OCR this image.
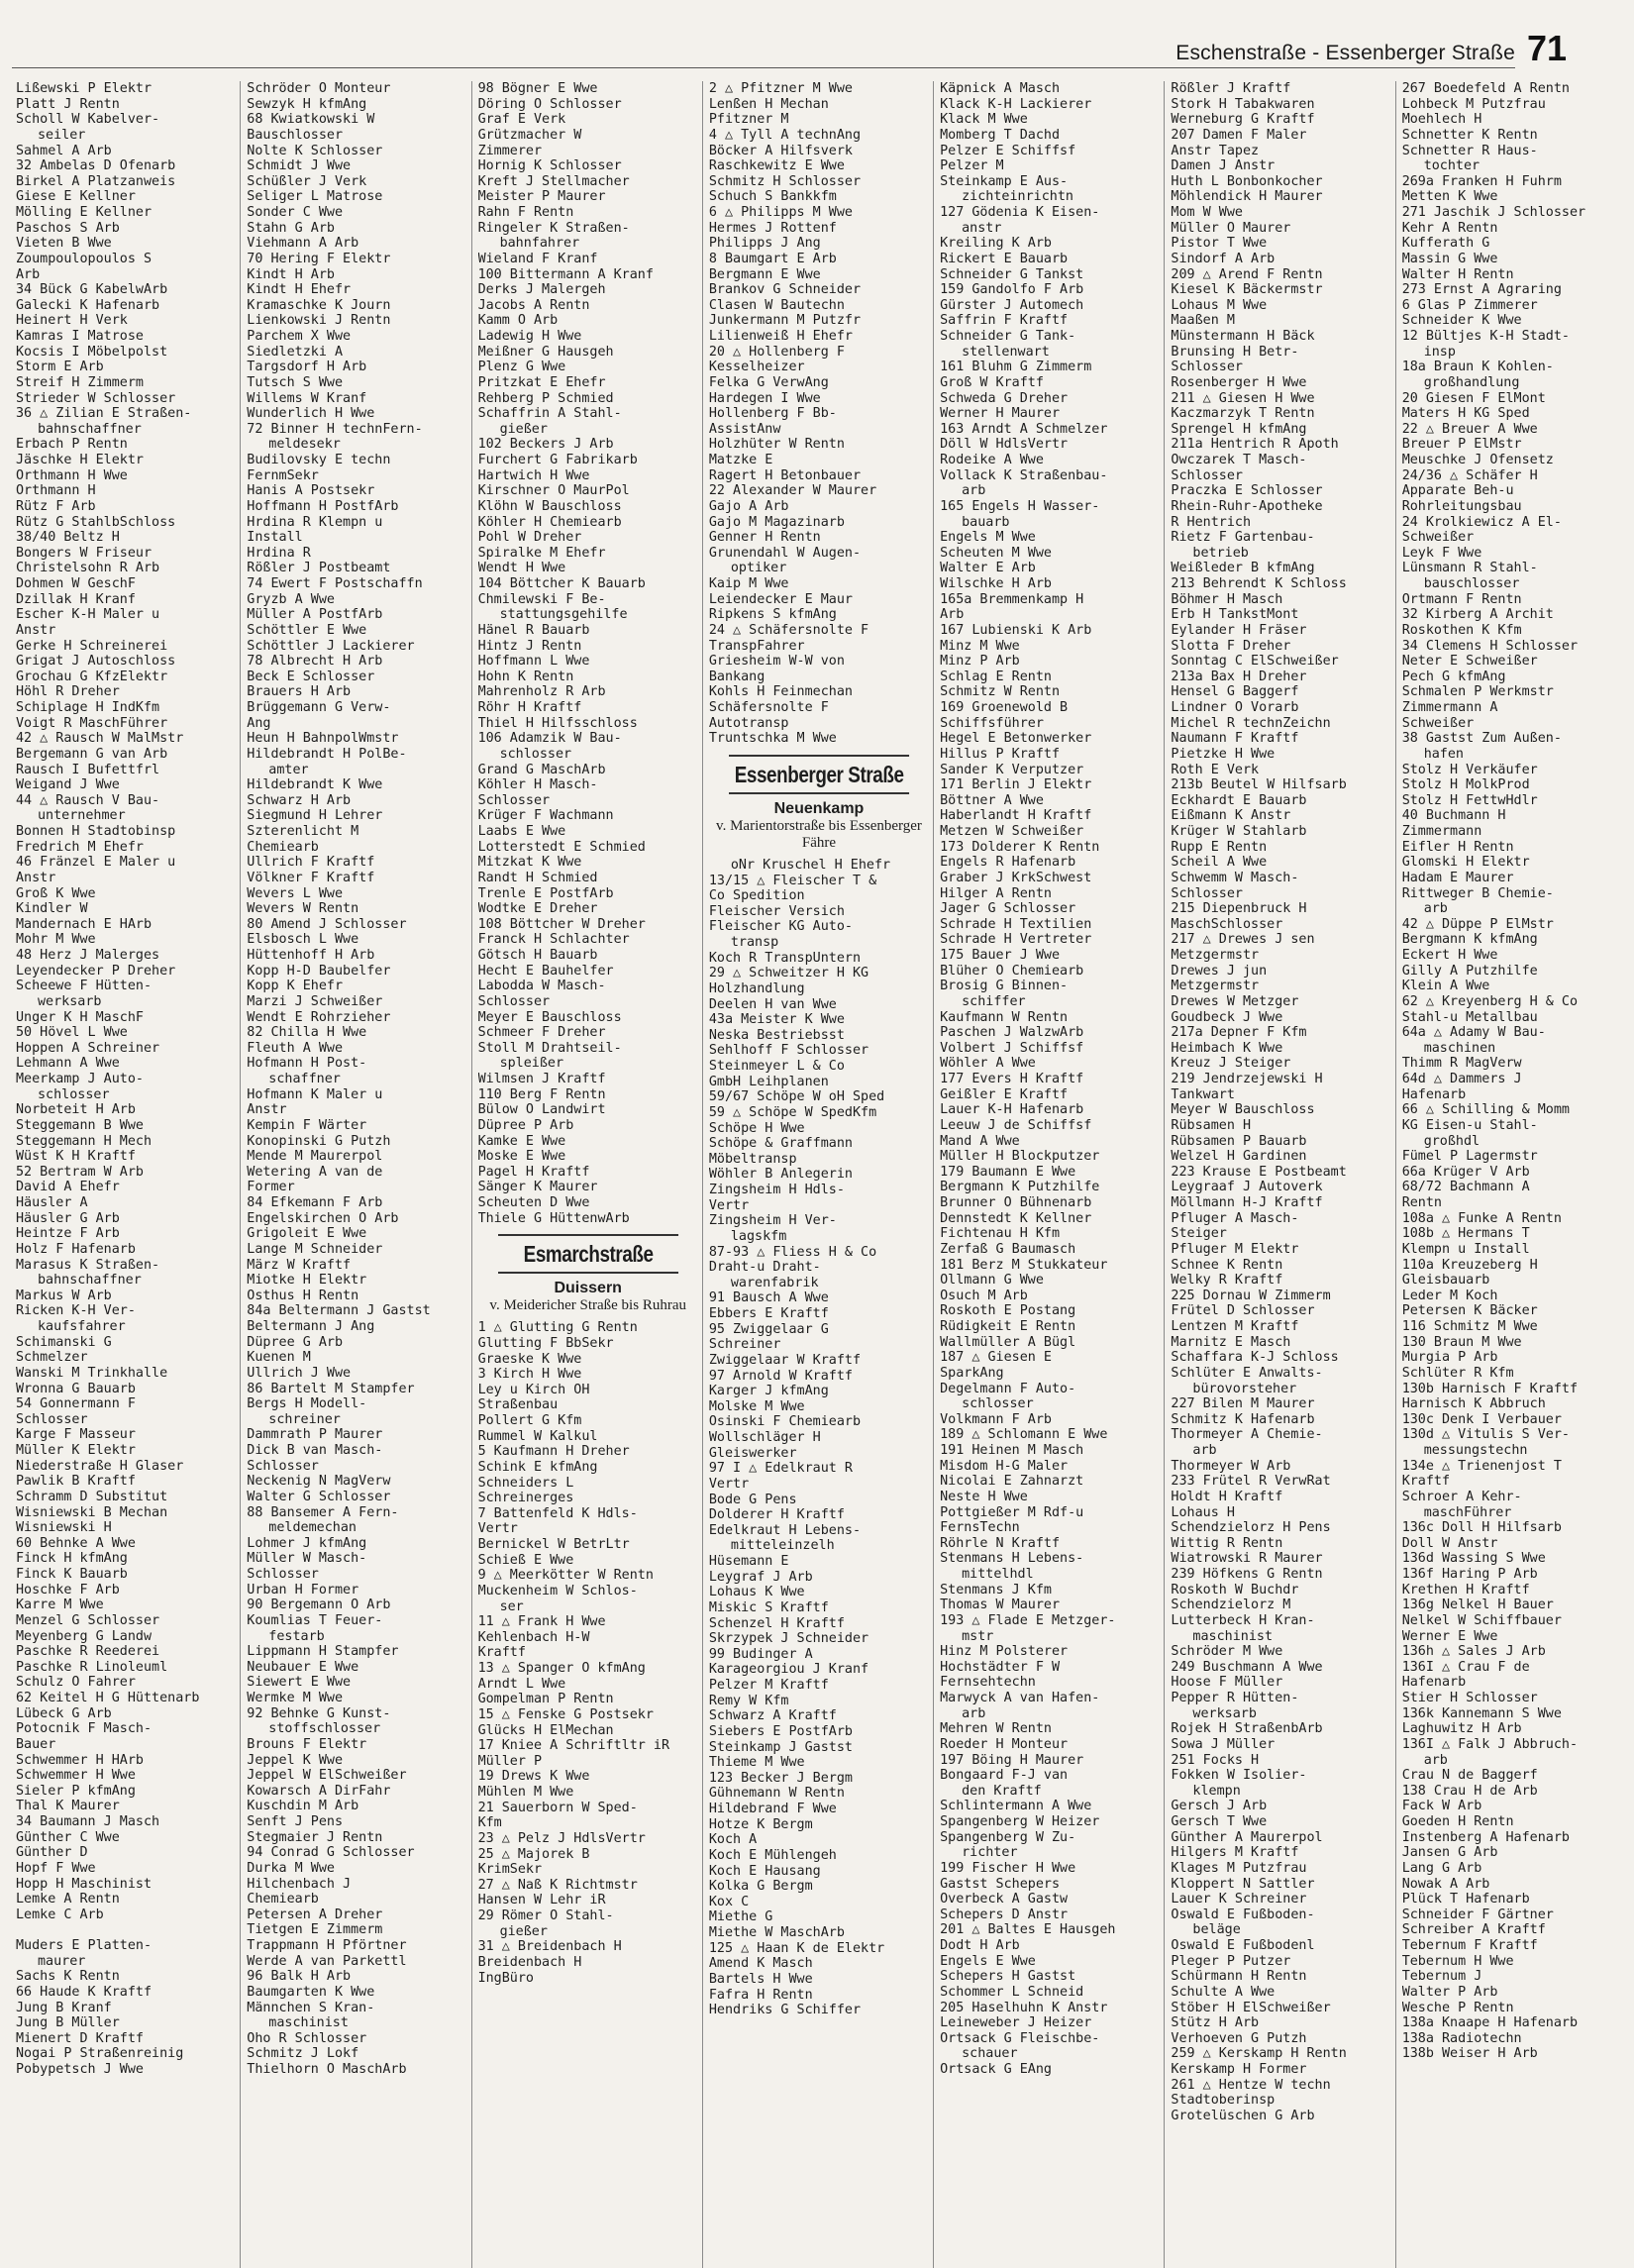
Eschenstraße - Essenberger Straße 71
Lißewski P Elektr
Platt J Rentn
Scholl W Kabelver-
seiler
Sahmel A Arb
32 Ambelas D Ofenarb
Birkel A Platzanweis
Giese E Kellner
Mölling E Kellner
Paschos S Arb
Vieten B Wwe
Zoumpoulopoulos S
Arb
34 Bück G KabelwArb
Galecki K Hafenarb
Heinert H Verk
Kamras I Matrose
Kocsis I Möbelpolst
Storm E Arb
Streif H Zimmerm
Strieder W Schlosser
36 △ Zilian E Straßen-
bahnschaffner
Erbach P Rentn
Jäschke H Elektr
Orthmann H Wwe
Orthmann H
Rütz F Arb
Rütz G StahlbSchloss
38/40 Beltz H
Bongers W Friseur
Christelsohn R Arb
Dohmen W GeschF
Dzillak H Kranf
Escher K-H Maler u
Anstr
Gerke H Schreinerei
Grigat J Autoschloss
Grochau G KfzElektr
Höhl R Dreher
Schiplage H IndKfm
Voigt R MaschFührer
42 △ Rausch W MalMstr
Bergemann G van Arb
Rausch I Bufettfrl
Weigand J Wwe
44 △ Rausch V Bau-
unternehmer
Bonnen H Stadtobinsp
Fredrich M Ehefr
46 Fränzel E Maler u
Anstr
Groß K Wwe
Kindler W
Mandernach E HArb
Mohr M Wwe
48 Herz J Malerges
Leyendecker P Dreher
Scheewe F Hütten-
werksarb
Unger K H MaschF
50 Hövel L Wwe
Hoppen A Schreiner
Lehmann A Wwe
Meerkamp J Auto-
schlosser
Norbeteit H Arb
Steggemann B Wwe
Steggemann H Mech
Wüst K H Kraftf
52 Bertram W Arb
David A Ehefr
Häusler A
Häusler G Arb
Heintze F Arb
Holz F Hafenarb
Marasus K Straßen-
bahnschaffner
Markus W Arb
Ricken K-H Ver-
kaufsfahrer
Schimanski G
Schmelzer
Wanski M Trinkhalle
Wronna G Bauarb
54 Gonnermann F
Schlosser
Karge F Masseur
Müller K Elektr
Niederstraße H Glaser
Pawlik B Kraftf
Schramm D Substitut
Wisniewski B Mechan
Wisniewski H
60 Behnke A Wwe
Finck H kfmAng
Finck K Bauarb
Hoschke F Arb
Karre M Wwe
Menzel G Schlosser
Meyenberg G Landw
Paschke R Reederei
Paschke R Linoleuml
Schulz O Fahrer
62 Keitel H G Hüttenarb
Lübeck G Arb
Potocnik F Masch-
Bauer
Schwemmer H HArb
Schwemmer H Wwe
Sieler P kfmAng
Thal K Maurer
34 Baumann J Masch
Günther C Wwe
Günther D
Hopf F Wwe
Hopp H Maschinist
Lemke A Rentn
Lemke C Arb

Muders E Platten-
maurer
Sachs K Rentn
66 Haude K Kraftf
Jung B Kranf
Jung B Müller
Mienert D Kraftf
Nogai P Straßenreinig
Pobypetsch J Wwe
Schröder O Monteur
Sewzyk H kfmAng
68 Kwiatkowski W
Bauschlosser
Nolte K Schlosser
Schmidt J Wwe
Schüßler J Verk
Seliger L Matrose
Sonder C Wwe
Stahn G Arb
Viehmann A Arb
70 Hering F Elektr
Kindt H Arb
Kindt H Ehefr
Kramaschke K Journ
Lienkowski J Rentn
Parchem X Wwe
Siedletzki A
Targsdorf H Arb
Tutsch S Wwe
Willems W Kranf
Wunderlich H Wwe
72 Binner H technFern-
meldesekr
Budilovsky E techn
FernmSekr
Hanis A Postsekr
Hoffmann H PostfArb
Hrdina R Klempn u
Install
Hrdina R
Rößler J Postbeamt
74 Ewert F Postschaffn
Gryzb A Wwe
Müller A PostfArb
Schöttler E Wwe
Schöttler J Lackierer
78 Albrecht H Arb
Beck E Schlosser
Brauers H Arb
Brüggemann G Verw-
Ang
Heun H BahnpolWmstr
Hildebrandt H PolBe-
amter
Hildebrandt K Wwe
Schwarz H Arb
Siegmund H Lehrer
Szterenlicht M
Chemiearb
Ullrich F Kraftf
Völkner F Kraftf
Wevers L Wwe
Wevers W Rentn
80 Amend J Schlosser
Elsbosch L Wwe
Hüttenhoff H Arb
Kopp H-D Baubelfer
Kopp K Ehefr
Marzi J Schweißer
Wendt E Rohrzieher
82 Chilla H Wwe
Fleuth A Wwe
Hofmann H Post-
schaffner
Hofmann K Maler u
Anstr
Kempin F Wärter
Konopinski G Putzh
Mende M Maurerpol
Wetering A van de
Former
84 Efkemann F Arb
Engelskirchen O Arb
Grigoleit E Wwe
Lange M Schneider
März W Kraftf
Miotke H Elektr
Osthus H Rentn
84a Beltermann J Gastst
Beltermann J Ang
Düpree G Arb
Kuenen M
Ullrich J Wwe
86 Bartelt M Stampfer
Bergs H Modell-
schreiner
Dammrath P Maurer
Dick B van Masch-
Schlosser
Neckenig N MagVerw
Walter G Schlosser
88 Bansemer A Fern-
meldemechan
Lohmer J kfmAng
Müller W Masch-
Schlosser
Urban H Former
90 Bergemann O Arb
Koumlias T Feuer-
festarb
Lippmann H Stampfer
Neubauer E Wwe
Siewert E Wwe
Wermke M Wwe
92 Behnke G Kunst-
stoffschlosser
Brouns F Elektr
Jeppel K Wwe
Jeppel W ElSchweißer
Kowarsch A DirFahr
Kuschdin M Arb
Senft J Pens
Stegmaier J Rentn
94 Conrad G Schlosser
Durka M Wwe
Hilchenbach J
Chemiearb
Petersen A Dreher
Tietgen E Zimmerm
Trappmann H Pförtner
Werde A van Parkettl
96 Balk H Arb
Baumgarten K Wwe
Männchen S Kran-
maschinist
Oho R Schlosser
Schmitz J Lokf
Thielhorn O MaschArb
98 Bögner E Wwe
Döring O Schlosser
Graf E Verk
Grützmacher W
Zimmerer
Hornig K Schlosser
Kreft J Stellmacher
Meister P Maurer
Rahn F Rentn
Ringeler K Straßen-
bahnfahrer
Wieland F Kranf
100 Bittermann A Kranf
Derks J Malergeh
Jacobs A Rentn
Kamm O Arb
Ladewig H Wwe
Meißner G Hausgeh
Plenz G Wwe
Pritzkat E Ehefr
Rehberg P Schmied
Schaffrin A Stahl-
gießer
102 Beckers J Arb
Furchert G Fabrikarb
Hartwich H Wwe
Kirschner O MaurPol
Klöhn W Bauschloss
Köhler H Chemiearb
Pohl W Dreher
Spiralke M Ehefr
Wendt H Wwe
104 Böttcher K Bauarb
Chmilewski F Be-
stattungsgehilfe
Hänel R Bauarb
Hintz J Rentn
Hoffmann L Wwe
Hohn K Rentn
Mahrenholz R Arb
Röhr H Kraftf
Thiel H Hilfsschloss
106 Adamzik W Bau-
schlosser
Grand G MaschArb
Köhler H Masch-
Schlosser
Krüger F Wachmann
Laabs E Wwe
Lotterstedt E Schmied
Mitzkat K Wwe
Randt H Schmied
Trenle E PostfArb
Wodtke E Dreher
108 Böttcher W Dreher
Franck H Schlachter
Götsch H Bauarb
Hecht E Bauhelfer
Labodda W Masch-
Schlosser
Meyer E Bauschloss
Schmeer F Dreher
Stoll M Drahtseil-
spleißer
Wilmsen J Kraftf
110 Berg F Rentn
Bülow O Landwirt
Düpree P Arb
Kamke E Wwe
Moske E Wwe
Pagel H Kraftf
Sänger K Maurer
Scheuten D Wwe
Thiele G HüttenwArb
Esmarchstraße
Duissern
v. Meidericher Straße bis Ruhrau
1 △ Glutting G Rentn
Glutting F BbSekr
Graeske K Wwe
3 Kirch H Wwe
Ley u Kirch OH
Straßenbau
Pollert G Kfm
Rummel W Kalkul
5 Kaufmann H Dreher
Schink E kfmAng
Schneiders L
Schreinerges
7 Battenfeld K Hdls-
Vertr
Bernickel W BetrLtr
Schieß E Wwe
9 △ Meerkötter W Rentn
Muckenheim W Schlos-
ser
11 △ Frank H Wwe
Kehlenbach H-W
Kraftf
13 △ Spanger O kfmAng
Arndt L Wwe
Gompelman P Rentn
15 △ Fenske G Postsekr
Glücks H ElMechan
17 Kniee A Schriftltr iR
Müller P
19 Drews K Wwe
Mühlen M Wwe
21 Sauerborn W Sped-
Kfm
23 △ Pelz J HdlsVertr
25 △ Majorek B
KrimSekr
27 △ Naß K Richtmstr
Hansen W Lehr iR
29 Römer O Stahl-
gießer
31 △ Breidenbach H
Breidenbach H
IngBüro
2 △ Pfitzner M Wwe
Lenßen H Mechan
Pfitzner M
4 △ Tyll A technAng
Böcker A Hilfsverk
Raschkewitz E Wwe
Schmitz H Schlosser
Schuch S Bankkfm
6 △ Philipps M Wwe
Hermes J Rottenf
Philipps J Ang
8 Baumgart E Arb
Bergmann E Wwe
Brankov G Schneider
Clasen W Bautechn
Junkermann M Putzfr
Lilienweiß H Ehefr
20 △ Hollenberg F
Kesselheizer
Felka G VerwAng
Hardegen I Wwe
Hollenberg F Bb-
AssistAnw
Holzhüter W Rentn
Matzke E
Ragert H Betonbauer
22 Alexander W Maurer
Gajo A Arb
Gajo M Magazinarb
Genner H Rentn
Grunendahl W Augen-
optiker
Kaip M Wwe
Leiendecker E Maur
Ripkens S kfmAng
24 △ Schäfersnolte F
TranspFahrer
Griesheim W-W von
Bankang
Kohls H Feinmechan
Schäfersnolte F
Autotransp
Truntschka M Wwe
Essenberger Straße
Neuenkamp
v. Marientorstraße bis Essenberger Fähre
oNr Kruschel H Ehefr
13/15 △ Fleischer T &
Co Spedition
Fleischer Versich
Fleischer KG Auto-
transp
Koch R TranspUntern
29 △ Schweitzer H KG
Holzhandlung
Deelen H van Wwe
43a Meister K Wwe
Neska Bestriebsst
Sehlhoff F Schlosser
Steinmeyer L & Co
GmbH Leihplanen
59/67 Schöpe W oH Sped
59 △ Schöpe W SpedKfm
Schöpe H Wwe
Schöpe & Graffmann
Möbeltransp
Wöhler B Anlegerin
Zingsheim H Hdls-
Vertr
Zingsheim H Ver-
lagskfm
87-93 △ Fliess H & Co
Draht-u Draht-
warenfabrik
91 Bausch A Wwe
Ebbers E Kraftf
95 Zwiggelaar G
Schreiner
Zwiggelaar W Kraftf
97 Arnold W Kraftf
Karger J kfmAng
Molske M Wwe
Osinski F Chemiearb
Wollschläger H
Gleiswerker
97 I △ Edelkraut R
Vertr
Bode G Pens
Dolderer H Kraftf
Edelkraut H Lebens-
mitteleinzelh
Hüsemann E
Leygraf J Arb
Lohaus K Wwe
Miskic S Kraftf
Schenzel H Kraftf
Skrzypek J Schneider
99 Budinger A
Karageorgiou J Kranf
Pelzer M Kraftf
Remy W Kfm
Schwarz A Kraftf
Siebers E PostfArb
Steinkamp J Gastst
Thieme M Wwe
123 Becker J Bergm
Gühnemann W Rentn
Hildebrand F Wwe
Hotze K Bergm
Koch A
Koch E Mühlengeh
Koch E Hausang
Kolka G Bergm
Kox C
Miethe G
Miethe W MaschArb
125 △ Haan K de Elektr
Amend K Masch
Bartels H Wwe
Fafra H Rentn
Hendriks G Schiffer
Käpnick A Masch
Klack K-H Lackierer
Klack M Wwe
Momberg T Dachd
Pelzer E Schiffsf
Pelzer M
Steinkamp E Aus-
zichteinrichtn
127 Gödenia K Eisen-
anstr
Kreiling K Arb
Rickert E Bauarb
Schneider G Tankst
159 Gandolfo F Arb
Gürster J Automech
Saffrin F Kraftf
Schneider G Tank-
stellenwart
161 Bluhm G Zimmerm
Groß W Kraftf
Schweda G Dreher
Werner H Maurer
163 Arndt A Schmelzer
Döll W HdlsVertr
Rodeike A Wwe
Vollack K Straßenbau-
arb
165 Engels H Wasser-
bauarb
Engels M Wwe
Scheuten M Wwe
Walter E Arb
Wilschke H Arb
165a Bremmenkamp H
Arb
167 Lubienski K Arb
Minz M Wwe
Minz P Arb
Schlag E Rentn
Schmitz W Rentn
169 Groenewold B
Schiffsführer
Hegel E Betonwerker
Hillus P Kraftf
Sander K Verputzer
171 Berlin J Elektr
Böttner A Wwe
Haberlandt H Kraftf
Metzen W Schweißer
173 Dolderer K Rentn
Engels R Hafenarb
Graber J KrkSchwest
Hilger A Rentn
Jager G Schlosser
Schrade H Textilien
Schrade H Vertreter
175 Bauer J Wwe
Blüher O Chemiearb
Brosig G Binnen-
schiffer
Kaufmann W Rentn
Paschen J WalzwArb
Volbert J Schiffsf
Wöhler A Wwe
177 Evers H Kraftf
Geißler E Kraftf
Lauer K-H Hafenarb
Leeuw J de Schiffsf
Mand A Wwe
Müller H Blockputzer
179 Baumann E Wwe
Bergmann K Putzhilfe
Brunner O Bühnenarb
Dennstedt K Kellner
Fichtenau H Kfm
Zerfaß G Baumasch
181 Berz M Stukkateur
Ollmann G Wwe
Osuch M Arb
Roskoth E Postang
Rüdigkeit E Rentn
Wallmüller A Bügl
187 △ Giesen E
SparkAng
Degelmann F Auto-
schlosser
Volkmann F Arb
189 △ Schlomann E Wwe
191 Heinen M Masch
Misdom H-G Maler
Nicolai E Zahnarzt
Neste H Wwe
Pottgießer M Rdf-u
FernsTechn
Röhrle N Kraftf
Stenmans H Lebens-
mittelhdl
Stenmans J Kfm
Thomas W Maurer
193 △ Flade E Metzger-
mstr
Hinz M Polsterer
Hochstädter F W
Fernsehtechn
Marwyck A van Hafen-
arb
Mehren W Rentn
Roeder H Monteur
197 Böing H Maurer
Bongaard F-J van
den Kraftf
Schlintermann A Wwe
Spangenberg W Heizer
Spangenberg W Zu-
richter
199 Fischer H Wwe
Gastst Schepers
Overbeck A Gastw
Schepers D Anstr
201 △ Baltes E Hausgeh
Dodt H Arb
Engels E Wwe
Schepers H Gastst
Schommer L Schneid
205 Haselhuhn K Anstr
Leineweber J Heizer
Ortsack G Fleischbe-
schauer
Ortsack G EAng
Rößler J Kraftf
Stork H Tabakwaren
Werneburg G Kraftf
207 Damen F Maler
Anstr Tapez
Damen J Anstr
Huth L Bonbonkocher
Möhlendick H Maurer
Mom W Wwe
Müller O Maurer
Pistor T Wwe
Sindorf A Arb
209 △ Arend F Rentn
Kiesel K Bäckermstr
Lohaus M Wwe
Maaßen M
Münstermann H Bäck
Brunsing H Betr-
Schlosser
Rosenberger H Wwe
211 △ Giesen H Wwe
Kaczmarzyk T Rentn
Sprengel H kfmAng
211a Hentrich R Apoth
Owczarek T Masch-
Schlosser
Praczka E Schlosser
Rhein-Ruhr-Apotheke
R Hentrich
Rietz F Gartenbau-
betrieb
Weißleder B kfmAng
213 Behrendt K Schloss
Böhmer H Masch
Erb H TankstMont
Eylander H Fräser
Slotta F Dreher
Sonntag C ElSchweißer
213a Bax H Dreher
Hensel G Baggerf
Lindner O Vorarb
Michel R technZeichn
Naumann F Kraftf
Pietzke H Wwe
Roth E Verk
213b Beutel W Hilfsarb
Eckhardt E Bauarb
Eißmann K Anstr
Krüger W Stahlarb
Rupp E Rentn
Scheil A Wwe
Schwemm W Masch-
Schlosser
215 Diepenbruck H
MaschSchlosser
217 △ Drewes J sen
Metzgermstr
Drewes J jun
Metzgermstr
Drewes W Metzger
Goudbeck J Wwe
217a Depner F Kfm
Heimbach K Wwe
Kreuz J Steiger
219 Jendrzejewski H
Tankwart
Meyer W Bauschloss
Rübsamen H
Rübsamen P Bauarb
Welzel H Gardinen
223 Krause E Postbeamt
Leygraaf J Autoverk
Möllmann H-J Kraftf
Pfluger A Masch-
Steiger
Pfluger M Elektr
Schnee K Rentn
Welky R Kraftf
225 Dornau W Zimmerm
Frütel D Schlosser
Lentzen M Kraftf
Marnitz E Masch
Schaffara K-J Schloss
Schlüter E Anwalts-
bürovorsteher
227 Bilen M Maurer
Schmitz K Hafenarb
Thormeyer A Chemie-
arb
Thormeyer W Arb
233 Frütel R VerwRat
Holdt H Kraftf
Lohaus H
Schendzielorz H Pens
Wittig R Rentn
Wiatrowski R Maurer
239 Höfkens G Rentn
Roskoth W Buchdr
Schendzielorz M
Lutterbeck H Kran-
maschinist
Schröder M Wwe
249 Buschmann A Wwe
Hoose F Müller
Pepper R Hütten-
werksarb
Rojek H StraßenbArb
Sowa J Müller
251 Focks H
Fokken W Isolier-
klempn
Gersch J Arb
Gersch T Wwe
Günther A Maurerpol
Hilgers M Kraftf
Klages M Putzfrau
Kloppert N Sattler
Lauer K Schreiner
Oswald E Fußboden-
beläge
Oswald E Fußbodenl
Pleger P Putzer
Schürmann H Rentn
Schulte A Wwe
Stöber H ElSchweißer
Stütz H Arb
Verhoeven G Putzh
259 △ Kerskamp H Rentn
Kerskamp H Former
261 △ Hentze W techn
Stadtoberinsp
Grotelüschen G Arb
267 Boedefeld A Rentn
Lohbeck M Putzfrau
Moehlech H
Schnetter K Rentn
Schnetter R Haus-
tochter
269a Franken H Fuhrm
Metten K Wwe
271 Jaschik J Schlosser
Kehr A Rentn
Kufferath G
Massin G Wwe
Walter H Rentn
273 Ernst A Agraring
6 Glas P Zimmerer
Schneider K Wwe
12 Bültjes K-H Stadt-
insp
18a Braun K Kohlen-
großhandlung
20 Giesen F ElMont
Maters H KG Sped
22 △ Breuer A Wwe
Breuer P ElMstr
Meuschke J Ofensetz
24/36 △ Schäfer H
Apparate Beh-u
Rohrleitungsbau
24 Krolkiewicz A El-
Schweißer
Leyk F Wwe
Lünsmann R Stahl-
bauschlosser
Ortmann F Rentn
32 Kirberg A Archit
Roskothen K Kfm
34 Clemens H Schlosser
Neter E Schweißer
Pech G kfmAng
Schmalen P Werkmstr
Zimmermann A
Schweißer
38 Gastst Zum Außen-
hafen
Stolz H Verkäufer
Stolz H MolkProd
Stolz H FettwHdlr
40 Buchmann H
Zimmermann
Eifler H Rentn
Glomski H Elektr
Hadam E Maurer
Rittweger B Chemie-
arb
42 △ Düppe P ElMstr
Bergmann K kfmAng
Eckert H Wwe
Gilly A Putzhilfe
Klein A Wwe
62 △ Kreyenberg H & Co
Stahl-u Metallbau
64a △ Adamy W Bau-
maschinen
Thimm R MagVerw
64d △ Dammers J
Hafenarb
66 △ Schilling & Momm
KG Eisen-u Stahl-
großhdl
Fümel P Lagermstr
66a Krüger V Arb
68/72 Bachmann A
Rentn
108a △ Funke A Rentn
108b △ Hermans T
Klempn u Install
110a Kreuzeberg H
Gleisbauarb
Leder M Koch
Petersen K Bäcker
116 Schmitz M Wwe
130 Braun M Wwe
Murgia P Arb
Schlüter R Kfm
130b Harnisch F Kraftf
Harnisch K Abbruch
130c Denk I Verbauer
130d △ Vitulis S Ver-
messungstechn
134e △ Trienenjost T
Kraftf
Schroer A Kehr-
maschFührer
136c Doll H Hilfsarb
Doll W Anstr
136d Wassing S Wwe
136f Haring P Arb
Krethen H Kraftf
136g Nelkel H Bauer
Nelkel W Schiffbauer
Werner E Wwe
136h △ Sales J Arb
136I △ Crau F de
Hafenarb
Stier H Schlosser
136k Kannemann S Wwe
Laghuwitz H Arb
136I △ Falk J Abbruch-
arb
Crau N de Baggerf
138 Crau H de Arb
Fack W Arb
Goeden H Rentn
Instenberg A Hafenarb
Jansen G Arb
Lang G Arb
Nowak A Arb
Plück T Hafenarb
Schneider F Gärtner
Schreiber A Kraftf
Tebernum F Kraftf
Tebernum H Wwe
Tebernum J
Walter P Arb
Wesche P Rentn
138a Knaape H Hafenarb
138a Radiotechn
138b Weiser H Arb
